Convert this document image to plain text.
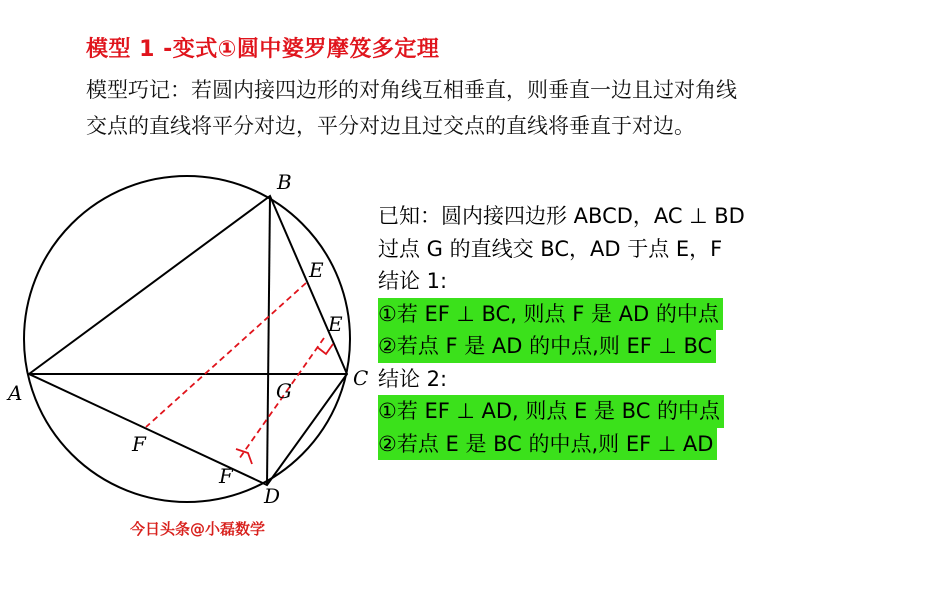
模型 1 -变式①圆中婆罗摩笈多定理
模型巧记：若圆内接四边形的对角线互相垂直，则垂直一边且过对角线
交点的直线将平分对边，平分对边且过交点的直线将垂直于对边。
A
B
C
D
G
E
E
F
F
已知：圆内接四边形 ABCD，AC ⊥ BD
过点 G 的直线交 BC，AD 于点 E，F
结论 1:
①若 EF ⊥ BC, 则点 F 是 AD 的中点
②若点 F 是 AD 的中点,则 EF ⊥ BC
结论 2:
①若 EF ⊥ AD, 则点 E 是 BC 的中点
②若点 E 是 BC 的中点,则 EF ⊥ AD
今日头条@小磊数学
